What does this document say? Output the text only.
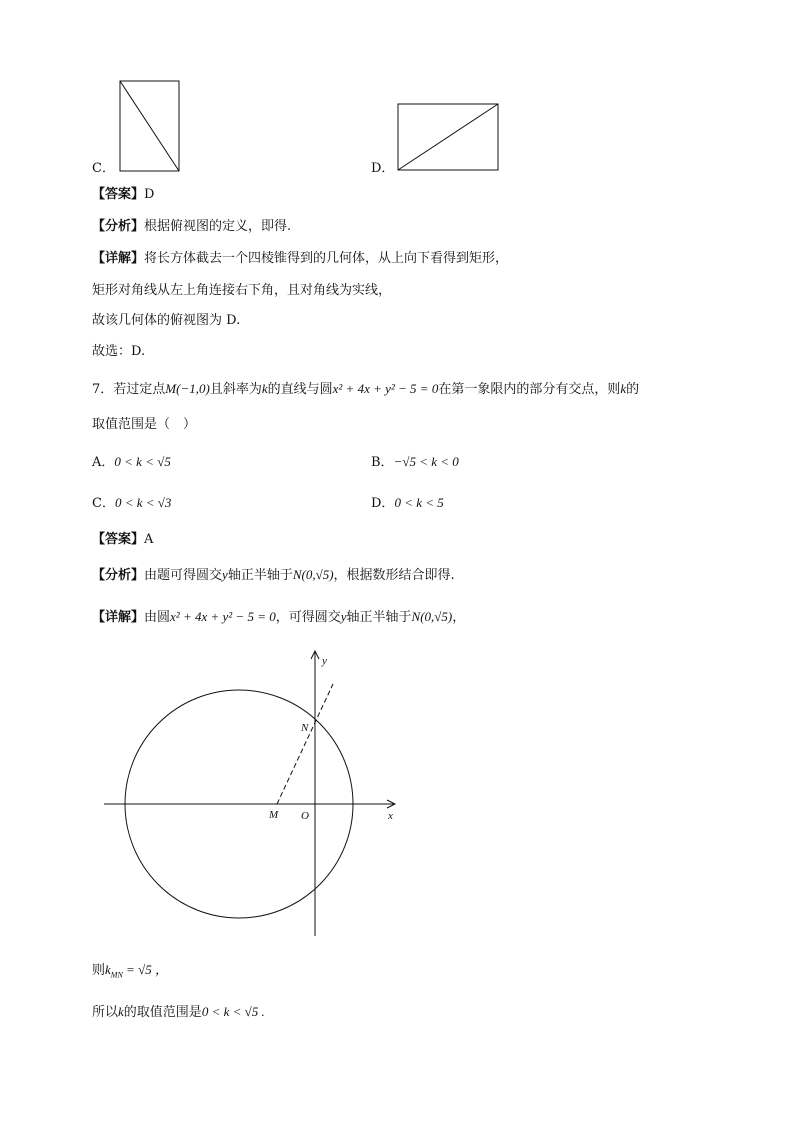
C．	D．
【答案】D
【分析】根据俯视图的定义，即得.
【详解】将长方体截去一个四棱锥得到的几何体，从上向下看得到矩形，
矩形对角线从左上角连接右下角，且对角线为实线，
故该几何体的俯视图为 D.
故选：D.
7．若过定点M(−1,0)且斜率为k的直线与圆x² + 4x + y² − 5 = 0在第一象限内的部分有交点，则k的
取值范围是（　）
A．0 < k < √5	B．−√5 < k < 0
C．0 < k < √3	D．0 < k < 5
【答案】A
【分析】由题可得圆交y轴正半轴于N(0,√5)，根据数形结合即得.
【详解】由圆x² + 4x + y² − 5 = 0，可得圆交y轴正半轴于N(0,√5)，
y
x
N
M O
则$k_{MN} = √5$ ，
所以k的取值范围是0 < k < √5 .
